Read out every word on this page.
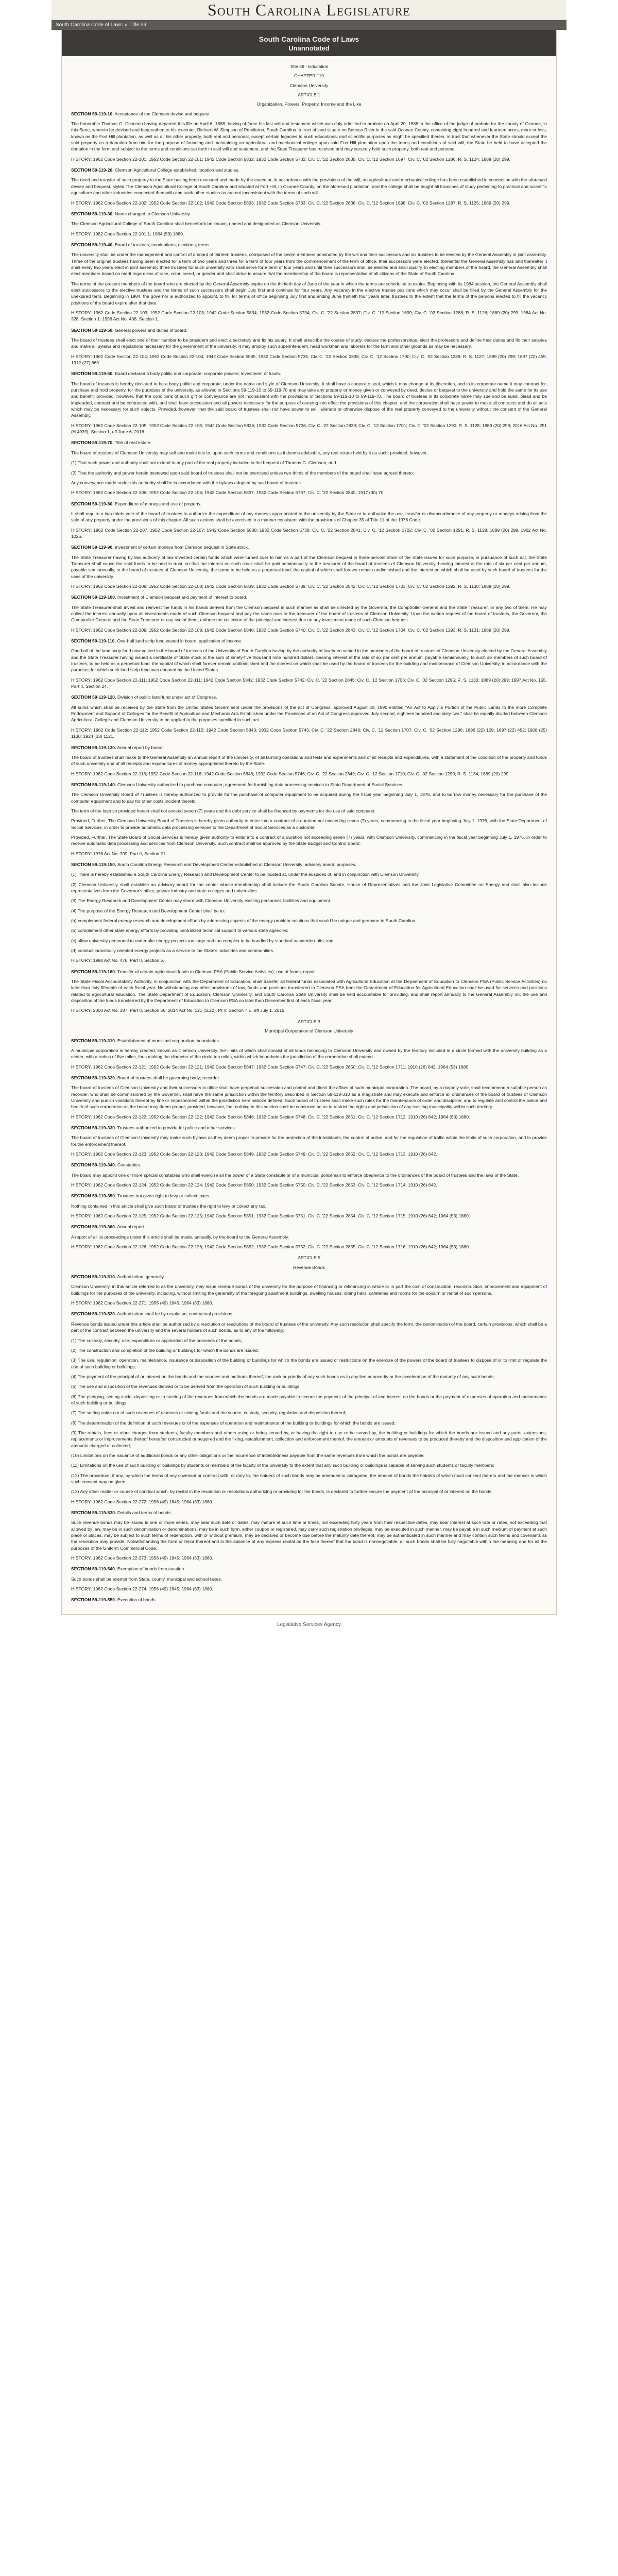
South Carolina Legislature
South Carolina Code of Laws » Title 59
South Carolina Code of Laws
Unannotated

Title 59 - Education

CHAPTER 119

Clemson University

ARTICLE 1

Organization, Powers, Property, Income and the Like

SECTION 59-119-10. Acceptance of the Clemson devise and bequest.

The honorable Thomas G. Clemson having departed this life on April 6, 1888, having of force his last will and testament which was duly admitted to probate on April 20, 1888 in the office of the judge of probate for the county of Oconee, in this State, wherein he devised and bequeathed to his executor, Richard W. Simpson of Pendleton, South Carolina, a tract of land situate on Seneca River in the said Oconee County, containing eight hundred and fourteen acres, more or less, known as the Fort Hill plantation, as well as all his other property, both real and personal, except certain legacies to such educational and scientific purposes as might be specified therein, in trust that whenever the State should accept the said property as a donation from him for the purpose of founding and maintaining an agricultural and mechanical college upon said Fort Hill plantation upon the terms and conditions of said will, the State be held to have accepted the donation in the form and subject to the terms and conditions set forth in said will and testament; and the State Treasurer has received and may securely hold such property, both real and personal.

HISTORY: 1962 Code Section 22-101; 1952 Code Section 22-101; 1942 Code Section 5832; 1932 Code Section 5732; Civ. C. '22 Section 2835; Civ. C. '12 Section 1697; Civ. C. '02 Section 1286; R. S. 1124; 1889 (20) 299.

SECTION 59-119-20. Clemson Agricultural College established; location and studies.

The deed and transfer of such property to the State having been executed and made by the executor, in accordance with the provisions of the will, an agricultural and mechanical college has been established in connection with the aforesaid devise and bequest, styled The Clemson Agricultural College of South Carolina and situated at Fort Hill, in Oconee County, on the aforesaid plantation, and the college shall be taught all branches of study pertaining to practical and scientific agriculture and other industries connected therewith and such other studies as are not inconsistent with the terms of such will.

HISTORY: 1962 Code Section 22-102; 1952 Code Section 22-102; 1942 Code Section 5833; 1932 Code Section 5733; Civ. C. '22 Section 2836; Civ. C. '12 Section 1698; Civ. C. '02 Section 1287; R. S. 1125; 1889 (20) 299.

SECTION 59-119-30. Name changed to Clemson University.

The Clemson Agricultural College of South Carolina shall henceforth be known, named and designated as Clemson University.

HISTORY: 1962 Code Section 22-101.1; 1964 (53) 1880.

SECTION 59-119-40. Board of trustees; nominations; elections; terms.

The university shall be under the management and control of a board of thirteen trustees, composed of the seven members nominated by the will and their successors and six trustees to be elected by the General Assembly in joint assembly. Three of the original trustees having been elected for a term of two years and three for a term of four years from the commencement of the term of office, their successors were elected, thereafter the General Assembly has and thereafter it shall every two years elect in joint assembly three trustees for such university who shall serve for a term of four years and until their successors shall be elected and shall qualify. In electing members of the board, the General Assembly shall elect members based on merit regardless of race, color, creed, or gender and shall strive to assure that the membership of the board is representative of all citizens of the State of South Carolina.

The terms of the present members of the board who are elected by the General Assembly expire on the thirtieth day of June of the year in which the terms are scheduled to expire. Beginning with its 1984 session, the General Assembly shall elect successors to the elective trustees and the terms of such successors shall begin July first and continue for four years. Any vacancy in the elective trustee positions which may occur shall be filled by the General Assembly for the unexpired term. Beginning in 1984, the governor is authorized to appoint, to fill, for terms of office beginning July first and ending June thirtieth four years later, trustees to the extent that the terms of the persons elected to fill the vacancy positions of the board expire after that date.

HISTORY: 1962 Code Section 22-103; 1952 Code Section 22-103; 1942 Code Section 5834; 1932 Code Section 5734; Civ. C. '22 Section 2837; Civ. C. '12 Section 1699; Civ. C. '02 Section 1288; R. S. 1126; 1889 (20) 299; 1984 Act No. 328, Section 1; 1996 Act No. 436, Section 1.

SECTION 59-119-50. General powers and duties of board.

The board of trustees shall elect one of their number to be president and elect a secretary and fix his salary. It shall prescribe the course of study, declare the professorships, elect the professors and define their duties and fix their salaries and make all bylaws and regulations necessary for the government of the university. It may employ such superintendent, head workman and laborers for the farm and other grounds as may be necessary.

HISTORY: 1962 Code Section 22-104; 1952 Code Section 22-104; 1942 Code Section 5835; 1932 Code Section 5735; Civ. C. '22 Section 2838; Civ. C. '12 Section 1700; Civ. C. '02 Section 1289; R. S. 1127; 1889 (20) 299; 1897 (22) 455; 1912 (27) 669.

SECTION 59-119-60. Board declared a body politic and corporate; corporate powers; investment of funds.

The board of trustees is hereby declared to be a body politic and corporate, under the name and style of Clemson University. It shall have a corporate seal, which it may change at its discretion, and in its corporate name it may contract for, purchase and hold property, for the purposes of the university, as allowed in Sections 59-119-10 to 59-119-70 and may take any property or money given or conveyed by deed, devise or bequest to the university and hold the same for its use and benefit; provided, however, that the conditions of such gift or conveyance are not inconsistent with the provisions of Sections 59-119-10 to 59-119-70. The board of trustees in its corporate name may sue and be sued, plead and be impleaded, contract and be contracted with, and shall have succession and all powers necessary for the purpose of carrying into effect the provisions of this chapter, and the corporation shall have power to make all contracts and do all acts which may be necessary for such objects. Provided, however, that the said board of trustees shall not have power to sell, alienate or otherwise dispose of the real property conveyed to the university without the consent of the General Assembly.

HISTORY: 1962 Code Section 22-105; 1952 Code Section 22-105; 1942 Code Section 5836; 1932 Code Section 5736; Civ. C. '22 Section 2839; Civ. C. '12 Section 1701; Civ. C. '02 Section 1290; R. S. 1128; 1889 (20) 299; 2016 Act No. 251 (H.4939), Section 1, eff June 6, 2016.

SECTION 59-119-70. Title of real estate.

The board of trustees of Clemson University may sell and make title to, upon such terms and conditions as it deems advisable, any real estate held by it as such; provided, however,

(1) That such power and authority shall not extend to any part of the real property included in the bequest of Thomas G. Clemson; and

(2) That the authority and power herein bestowed upon said board of trustees shall not be exercised unless two-thirds of the members of the board shall have agreed thereto.

Any conveyance made under this authority shall be in accordance with the bylaws adopted by said board of trustees.

HISTORY: 1962 Code Section 22-106; 1952 Code Section 22-106; 1942 Code Section 5837; 1932 Code Section 5737; Civ. C. '22 Section 2840; 1917 (30) 70.

SECTION 59-119-80. Expenditure of moneys and use of property.

It shall require a two-thirds vote of the board of trustees to authorize the expenditure of any moneys appropriated to the university by the State or to authorize the use, transfer or disencumbrance of any property or moneys arising from the sale of any property under the provisions of this chapter. All such actions shall be exercised in a manner consistent with the provisions of Chapter 35 of Title 11 of the 1976 Code.

HISTORY: 1962 Code Section 22-107; 1952 Code Section 22-107; 1942 Code Section 5838; 1932 Code Section 5738; Civ. C. '22 Section 2841; Civ. C. '12 Section 1702; Civ. C. '02 Section 1291; R. S. 1129; 1889 (20) 299; 1962 Act No. 1026.

SECTION 59-119-90. Investment of certain moneys from Clemson bequest in State stock.

The State Treasurer having by law authority of law invested certain funds which were turned over to him as a part of the Clemson bequest in three-percent stock of the State issued for such purpose, in pursuance of such act, the State Treasurer shall cause the said funds to be held in trust, so that the interest on such stock shall be paid semiannually to the treasurer of the board of trustees of Clemson University, bearing interest at the rate of six per cent per annum, payable semiannually, to the board of trustees of Clemson University, the same to be held as a perpetual fund, the capital of which shall forever remain undiminished and the interest on which shall be used by such board of trustees for the uses of the university.

HISTORY: 1962 Code Section 22-108; 1952 Code Section 22-108; 1942 Code Section 5839; 1932 Code Section 5739; Civ. C. '22 Section 2842; Civ. C. '12 Section 1703; Civ. C. '02 Section 1292; R. S. 1130; 1889 (20) 299.

SECTION 59-119-100. Investment of Clemson bequest and payment of interest to board.

The State Treasurer shall invest and reinvest the funds in his hands derived from the Clemson bequest in such manner as shall be directed by the Governor, the Comptroller General and the State Treasurer, or any two of them, He may collect the interest annually upon all investments made of such Clemson bequest and pay the same over to the treasurer of the board of trustees of Clemson University. Upon the written request of the board of trustees, the Governor, the Comptroller General and the State Treasurer or any two of them, enforce the collection of the principal and interest due on any investment made of such Clemson bequest.

HISTORY: 1962 Code Section 22-109; 1952 Code Section 22-109; 1942 Code Section 5840; 1932 Code Section 5740; Civ. C. '22 Section 2843; Civ. C. '12 Section 1704; Civ. C. '02 Section 1293; R. S. 1131; 1889 (20) 299.

SECTION 59-119-110. One-half land scrip fund vested in board; application of income.

One-half of the land scrip fund now vested in the board of trustees of the University of South Carolina having by the authority of law been vested in the members of the board of trustees of Clemson University elected by the General Assembly and the State Treasurer having issued a certificate of State stock in the sum of ninety-five thousand nine hundred dollars, bearing interest at the rate of six per cent per annum, payable semiannually, to such six members of such board of trustees, to be held as a perpetual fund, the capital of which shall forever remain undiminished and the interest on which shall be used by the board of trustees for the building and maintenance of Clemson University, in accordance with the purposes for which such land scrip fund was donated by the United States.

HISTORY: 1962 Code Section 22-111; 1952 Code Section 22-111; 1942 Code Section 5842; 1932 Code Section 5742; Civ. C. '22 Section 2845; Civ. C. '12 Section 1706; Civ. C. '02 Section 1295; R. S. 1133; 1889 (20) 299; 1997 Act No. 155, Part II, Section 24.

SECTION 59-119-120. Division of public land fund under act of Congress.

All sums which shall be received by the State from the United States Government under the provisions of the act of Congress, approved August 30, 1890 entitled "An Act to Apply a Portion of the Public Lands to the more Complete Endowment and Support of Colleges for the Benefit of Agriculture and Mechanic Arts Established under the Provisions of an Act of Congress approved July second, eighteen hundred and sixty-two," shall be equally divided between Clemson Agricultural College and Clemson University to be applied to the purposes specified in such act.

HISTORY: 1962 Code Section 22-112; 1952 Code Section 22-112; 1942 Code Section 5843; 1932 Code Section 5743; Civ. C. '22 Section 2846; Civ. C. '12 Section 1707; Civ. C. '02 Section 1296; 1896 (22) 109; 1897 (22) 452; 1908 (25) 1130; 1924 (33) 1121.

SECTION 59-119-130. Annual report by board.

The board of trustees shall make to the General Assembly an annual report of the university, of all farming operations and tests and experiments and of all receipts and expenditures, with a statement of the condition of the property and funds of such university and of all receipts and expenditures of money appropriated thereto by the State.

HISTORY: 1962 Code Section 22-116; 1952 Code Section 22-116; 1942 Code Section 5846; 1932 Code Section 5746; Civ. C. '22 Section 2849; Civ. C. '12 Section 1710; Civ. C. '02 Section 1299; R. S. 1134; 1889 (20) 299.

SECTION 59-119-140. Clemson University authorized to purchase computer; agreement for furnishing data processing services to State Department of Social Services.

The Clemson University Board of Trustees is hereby authorized to provide for the purchase of computer equipment to be acquired during the fiscal year beginning July 1, 1976, and to borrow money necessary for the purchase of the computer equipment and to pay for other costs incident thereto.

The term of the loan so provided herein shall not exceed seven (7) years and the debt service shall be financed by payments for the use of said computer.

Provided, Further, The Clemson University Board of Trustees is hereby given authority to enter into a contract of a duration not exceeding seven (7) years, commencing in the fiscal year beginning July 1, 1976, with the State Department of Social Services, in order to provide automatic data processing services to the Department of Social Services as a customer.

Provided, Further, The State Board of Social Services is hereby given authority to enter into a contract of a duration not exceeding seven (7) years, with Clemson University, commencing in the fiscal year beginning July 1, 1976, in order to receive automatic data processing and services from Clemson University. Such contract shall be approved by the State Budget and Control Board.

HISTORY: 1976 Act No. 709, Part II, Section 21.

SECTION 59-119-150. South Carolina Energy Research and Development Center established at Clemson University; advisory board; purposes.

(1) There is hereby established a South Carolina Energy Research and Development Center to be located at, under the auspices of, and in conjunction with Clemson University.

(2) Clemson University shall establish an advisory board for the center whose membership shall include the South Carolina Senate, House of Representatives and the Joint Legislative Committee on Energy and shall also include representatives from the Governor's office, private industry and state colleges and universities.

(3) The Energy Research and Development Center may share with Clemson University existing personnel, facilities and equipment.

(4) The purpose of the Energy Research and Development Center shall be to:

(a) complement federal energy research and development efforts by addressing aspects of the energy problem solutions that would be unique and germane to South Carolina;

(b) complement other state energy efforts by providing centralized technical support to various state agencies;

(c) allow university personnel to undertake energy projects too large and too complex to be handled by standard academic units; and

(d) conduct industrially oriented energy projects as a service to the State's industries and communities.

HISTORY: 1980 Act No. 476, Part II, Section 6.

SECTION 59-119-160. Transfer of certain agricultural funds to Clemson PSA (Public Service Activities); use of funds; report.

The State Fiscal Accountability Authority, in conjunction with the Department of Education, shall transfer all federal funds associated with Agricultural Education at the Department of Education to Clemson PSA (Public Service Activities) no later than July fifteenth of each fiscal year. Notwithstanding any other provisions of law, funds and positions transferred to Clemson PSA from the Department of Education for Agricultural Education shall be used for services and positions related to agricultural education. The State Department of Education, Clemson University, and South Carolina State University shall be held accountable for providing, and shall report annually to the General Assembly on, the use and disposition of the funds transferred by the Department of Education to Clemson PSA no later than December first of each fiscal year.

HISTORY: 2000 Act No. 387, Part II, Section 56; 2014 Act No. 121 (S.22), Pt V, Section 7.E, eff July 1, 2015.

ARTICLE 3

Municipal Corporation of Clemson University

SECTION 59-119-310. Establishment of municipal corporation; boundaries.

A municipal corporation is hereby created, known as Clemson University, the limits of which shall consist of all lands belonging to Clemson University and owned by the territory included in a circle formed with the university building as a center, with a radius of five miles, thus making the diameter of the circle ten miles, within which boundaries the jurisdiction of the corporation shall extend.

HISTORY: 1962 Code Section 22-121; 1952 Code Section 22-121; 1942 Code Section 5847; 1932 Code Section 5747; Civ. C. '22 Section 2850; Civ. C. '12 Section 1711; 1910 (26) 642; 1964 (53) 1880.

SECTION 59-119-320. Board of trustees shall be governing body; recorder.

The board of trustees of Clemson University and their successors in office shall have perpetual succession and control and direct the affairs of such municipal corporation. The board, by a majority vote, shall recommend a suitable person as recorder, who shall be commissioned by the Governor, shall have the same jurisdiction within the territory described in Section 59-119-310 as a magistrate and may execute and enforce all ordinances of the board of trustees of Clemson University and punish violations thereof by fine or imprisonment within the jurisdiction hereinabove defined. Such board of trustees shall make such rules for the maintenance of order and discipline, and to regulate and control the police and health of such corporation as the board may deem proper; provided, however, that nothing in this section shall be construed so as to restrict the rights and jurisdiction of any existing municipality within such territory.

HISTORY: 1962 Code Section 22-122; 1952 Code Section 22-122; 1942 Code Section 5848; 1932 Code Section 5748; Civ. C. '22 Section 2851; Civ. C. '12 Section 1712; 1910 (26) 642; 1964 (53) 1880.

SECTION 59-119-330. Trustees authorized to provide for police and other services.

The board of trustees of Clemson University may make such bylaws as they deem proper to provide for the protection of the inhabitants, the control of police, and for the regulation of traffic within the limits of such corporation, and to provide for the enforcement thereof.

HISTORY: 1962 Code Section 22-123; 1952 Code Section 22-123; 1942 Code Section 5849; 1932 Code Section 5749; Civ. C. '22 Section 2852; Civ. C. '12 Section 1713; 1910 (26) 642.

SECTION 59-119-340. Constables.

The board may appoint one or more special constables who shall exercise all the power of a State constable or of a municipal policeman to enforce obedience to the ordinances of the board of trustees and the laws of the State.

HISTORY: 1962 Code Section 22-124; 1952 Code Section 22-124; 1942 Code Section 5850; 1932 Code Section 5750; Civ. C. '22 Section 2853; Civ. C. '12 Section 1714; 1910 (26) 642.

SECTION 59-119-350. Trustees not given right to levy or collect taxes.

Nothing contained in this article shall give such board of trustees the right to levy or collect any tax.

HISTORY: 1962 Code Section 22-125; 1952 Code Section 22-125; 1942 Code Section 5851; 1932 Code Section 5751; Civ. C. '22 Section 2854; Civ. C. '12 Section 1715; 1910 (26) 642; 1964 (53) 1880.

SECTION 59-119-360. Annual report.

A report of all its proceedings under this article shall be made, annually, by the board to the General Assembly.

HISTORY: 1962 Code Section 22-126; 1952 Code Section 22-126; 1942 Code Section 5852; 1932 Code Section 5752; Civ. C. '22 Section 2855; Civ. C. '12 Section 1716; 1910 (26) 642; 1964 (53) 1880.

ARTICLE 5

Revenue Bonds

SECTION 59-119-510. Authorization, generally.

Clemson University, in this article referred to as the university, may issue revenue bonds of the university for the purpose of financing or refinancing in whole or in part the cost of construction, reconstruction, improvement and equipment of buildings for the purposes of the university, including, without limiting the generality of the foregoing apartment buildings, dwelling houses, dining halls, cafeterias and rooms for the sojourn or rental of such persons.

HISTORY: 1962 Code Section 22-271; 1956 (49) 1845; 1964 (53) 1880.

SECTION 59-119-520. Authorization shall be by resolution; contractual provisions.

Revenue bonds issued under this article shall be authorized by a resolution or resolutions of the board of trustees of the university. Any such resolution shall specify the form, the denomination of the board, certain provisions, which shall be a part of the contract between the university and the several holders of such bonds, as to any of the following:

(1) The custody, security, use, expenditure or application of the proceeds of the bonds;

(2) The construction and completion of the building or buildings for which the bonds are issued;

(3) The use, regulation, operation, maintenance, insurance or disposition of the building or buildings for which the bonds are issued or restrictions on the exercise of the powers of the board of trustees to dispose of or to limit or regulate the use of such building or buildings;

(4) The payment of the principal of or interest on the bonds and the sources and methods thereof, the rank or priority of any such bonds as to any lien or security or the acceleration of the maturity of any such bonds;

(5) The use and disposition of the revenues derived or to be derived from the operation of such building or buildings;

(6) The pledging, setting aside, depositing or trusteeing of the revenues from which the bonds are made payable to secure the payment of the principal of and interest on the bonds or the payment of expenses of operation and maintenance of such building or buildings;

(7) The setting aside out of such revenues of reserves or sinking funds and the source, custody, security, regulation and disposition thereof;

(8) The determination of the definition of such revenues or of the expenses of operation and maintenance of the building or buildings for which the bonds are issued;

(9) The rentals, fees or other charges from students, faculty members and others using or being served by, or having the right to use or be served by, the building or buildings for which the bonds are issued and any parts, extensions, replacements or improvements thereof hereafter constructed or acquired and the fixing, establishment, collection and enforcement thereof, the amount or amounts of revenues to be produced thereby and the disposition and application of the amounts charged or collected;

(10) Limitations on the issuance of additional bonds or any other obligations or the incurrence of indebtedness payable from the same revenues from which the bonds are payable;

(11) Limitations on the use of such building or buildings by students or members of the faculty of the university to the extent that any such building or buildings is capable of serving such students or faculty members;

(12) The procedure, if any, by which the terms of any covenant or contract with, or duty to, the holders of such bonds may be amended or abrogated, the amount of bonds the holders of which must consent thereto and the manner in which such consent may be given;

(13) Any other matter or course of conduct which, by recital in the resolution or resolutions authorizing or providing for the bonds, is declared to further secure the payment of the principal of or interest on the bonds.

HISTORY: 1962 Code Section 22-272; 1956 (49) 1845; 1964 (53) 1880.

SECTION 59-119-530. Details and terms of bonds.

Such revenue bonds may be issued in one or more series, may bear such date or dates, may mature at such time or times, not exceeding forty years from their respective dates, may bear interest at such rate or rates, not exceeding that allowed by law, may be in such denomination or denominations, may be in such form, either coupon or registered, may carry such registration privileges, may be executed in such manner, may be payable in such medium of payment at such place or places, may be subject to such terms of redemption, with or without premium, may be declared or become due before the maturity date thereof, may be authenticated in such manner and may contain such terms and covenants as the resolution may provide. Notwithstanding the form or tenor thereof and in the absence of any express recital on the face thereof that the bond is nonnegotiable, all such bonds shall be fully negotiable within the meaning and for all the purposes of the Uniform Commercial Code.

HISTORY: 1962 Code Section 22-273; 1956 (49) 1845; 1964 (53) 1880.

SECTION 59-119-540. Exemption of bonds from taxation.

Such bonds shall be exempt from State, county, municipal and school taxes.

HISTORY: 1962 Code Section 22-274; 1956 (49) 1845; 1964 (53) 1880.

SECTION 59-119-550. Execution of bonds.

Legislative Services Agency
